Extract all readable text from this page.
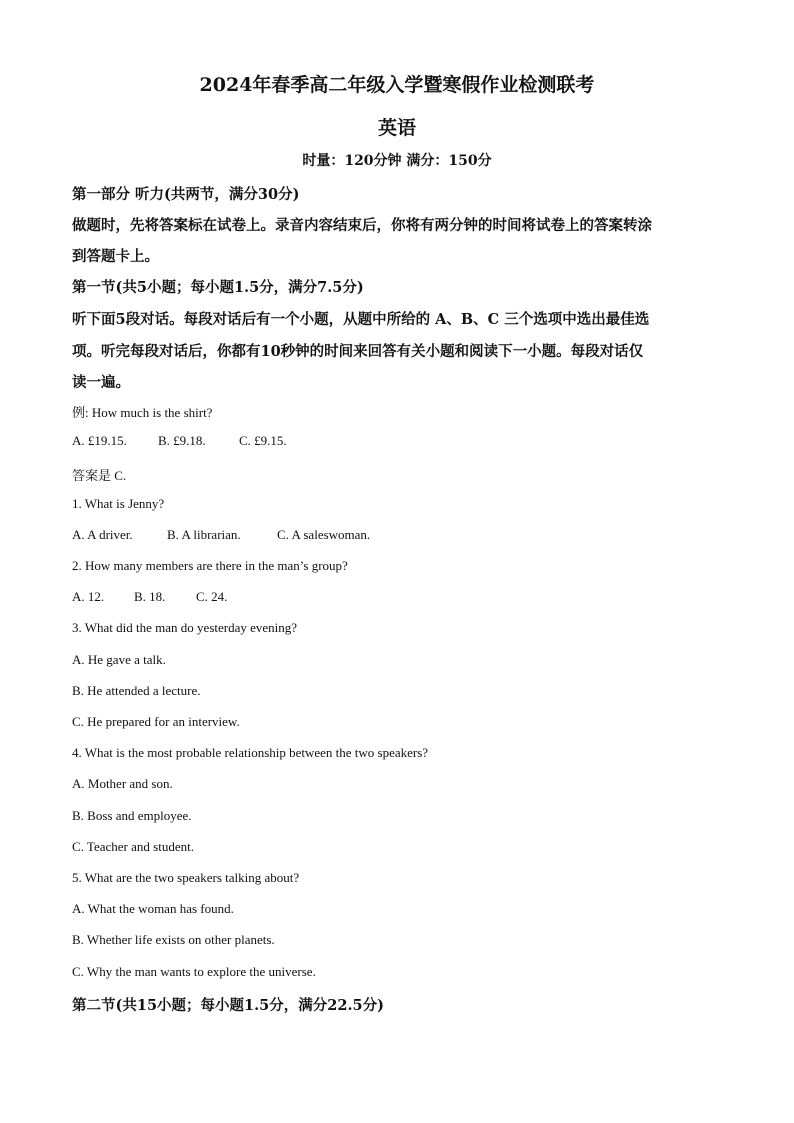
2024年春季高二年级入学暨寒假作业检测联考
英语
时量：120分钟 满分：150分
第一部分 听力(共两节，满分30分)
做题时，先将答案标在试卷上。录音内容结束后，你将有两分钟的时间将试卷上的答案转涂
到答题卡上。
第一节(共5小题；每小题1.5分，满分7.5分)
听下面5段对话。每段对话后有一个小题，从题中所给的 A、B、C 三个选项中选出最佳选
项。听完每段对话后，你都有10秒钟的时间来回答有关小题和阅读下一小题。每段对话仅
读一遍。
例: How much is the shirt?
A. £19.15. B. £9.18.	C. £9.15.
答案是 C.
1. What is Jenny?
A. A driver.	B. A librarian.	C. A saleswoman.
2. How many members are there in the man’s group?
A. 12. B. 18. C. 24.
3. What did the man do yesterday evening?
A. He gave a talk.
B. He attended a lecture.
C. He prepared for an interview.
4. What is the most probable relationship between the two speakers?
A. Mother and son.
B. Boss and employee.
C. Teacher and student.
5. What are the two speakers talking about?
A. What the woman has found.
B. Whether life exists on other planets.
C. Why the man wants to explore the universe.
第二节(共15小题；每小题1.5分，满分22.5分)
